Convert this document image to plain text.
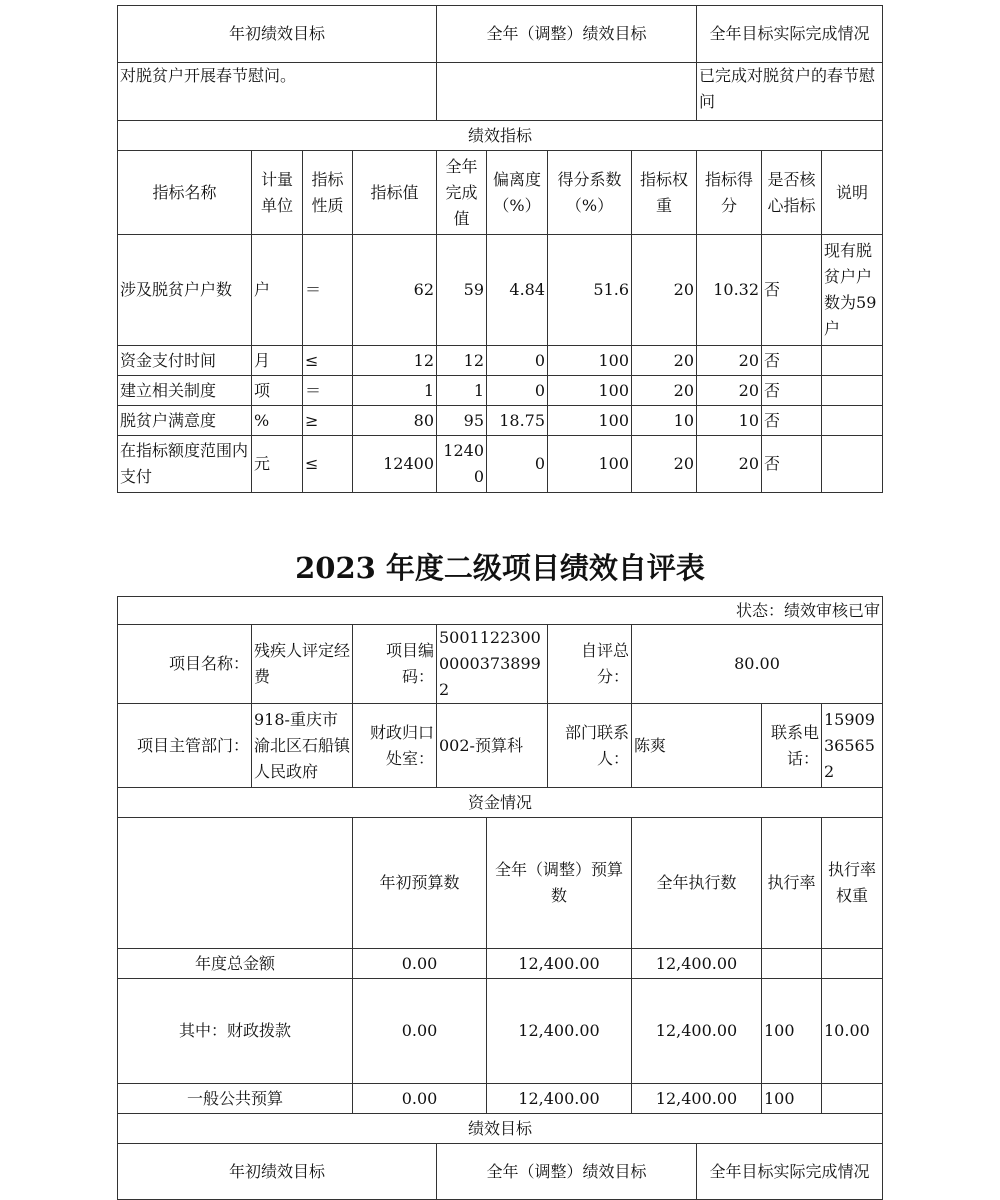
年初绩效目标				全年（调整）绩效目标				全年目标实际完成情况		
对脱贫户开展春节慰问。								已完成对脱贫户的春节慰问		
绩效指标										
指标名称	计量单位	指标性质	指标值	全年完成值	偏离度（%）	得分系数（%）	指标权重	指标得分	是否核心指标	说明
涉及脱贫户户数	户	＝	62	59	4.84	51.6	20	10.32	否	现有脱贫户户数为59户
资金支付时间	月	≤	12	12	0	100	20	20	否	
建立相关制度	项	＝	1	1	0	100	20	20	否	
脱贫户满意度	%	≥	80	95	18.75	100	10	10	否	
在指标额度范围内支付	元	≤	12400	12400	0	100	20	20	否	
2023 年度二级项目绩效自评表
状态：绩效审核已审										
项目名称：	残疾人评定经费	项目编码：	500112230000003738992		自评总分：	80.00				
项目主管部门：	918-重庆市渝北区石船镇人民政府	财政归口处室：	002-预算科		部门联系人：	陈爽		联系电话：	15909365652	
资金情况										
		年初预算数		全年（调整）预算数		全年执行数		执行率	执行率权重	
年度总金额		0.00		12,400.00		12,400.00				
其中：财政拨款		0.00		12,400.00		12,400.00		100	10.00	
一般公共预算		0.00		12,400.00		12,400.00		100		
绩效目标										
年初绩效目标			全年（调整）绩效目标				全年目标实际完成情况			
